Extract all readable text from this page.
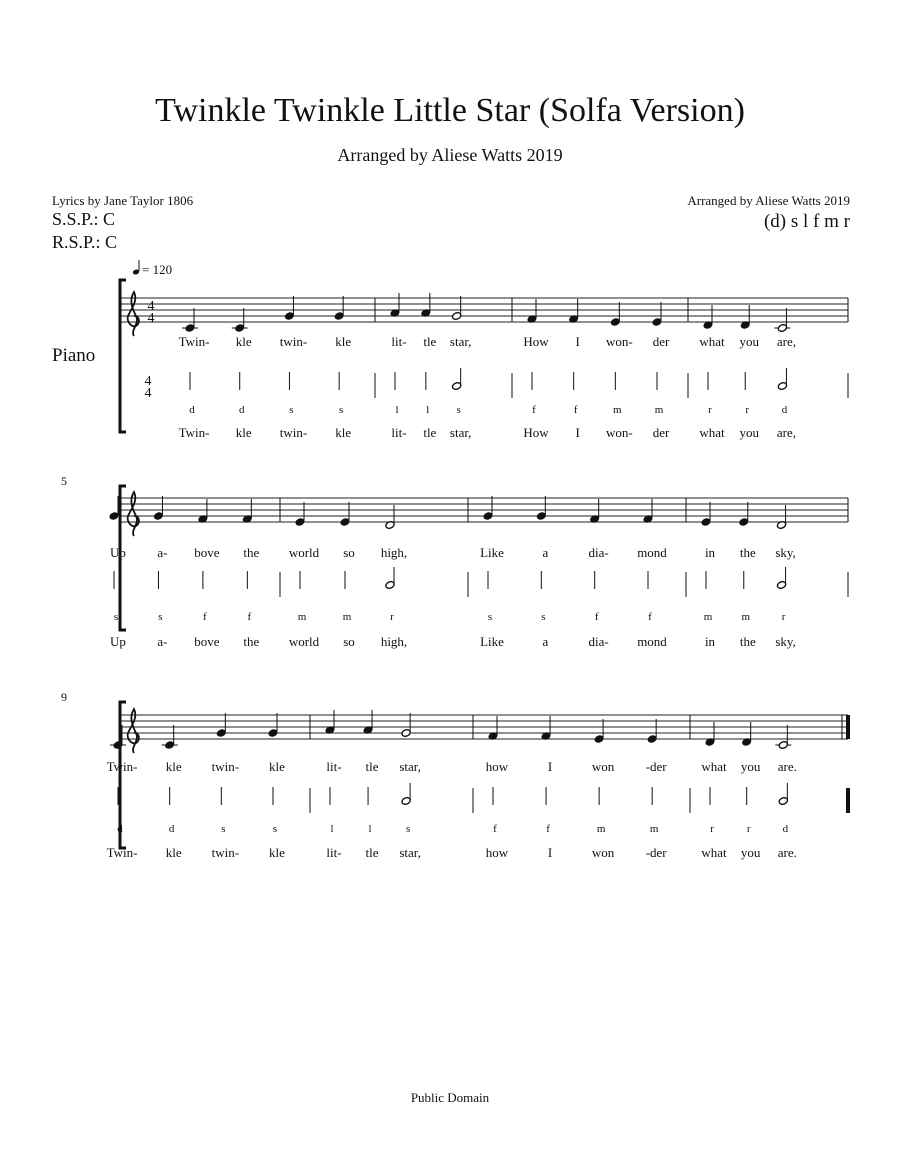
Twinkle Twinkle Little Star (Solfa Version)
Arranged by Aliese Watts 2019
Lyrics by Jane Taylor 1806	Arranged by Aliese Watts 2019
S.S.P.: C
R.S.P.: C
(d) s l f m r
= 120
Piano
4
4
4
4
Twin-
d
Twin-
kle
d
kle
twin-
s
twin-
kle
s
kle
lit-
l
lit-
tle
l
tle
star,
s
star,
How
f
How
I
f
I
won-
m
won-
der
m
der
what
r
what
you
r
you
are,
d
are,
5
Up
s
Up
a-
s
a-
bove
f
bove
the
f
the
world
m
world
so
m
so
high,
r
high,
Like
s
Like
a
s
a
dia-
f
dia-
mond
f
mond
in
m
in
the
m
the
sky,
r
sky,
9
Twin-
d
Twin-
kle
d
kle
twin-
s
twin-
kle
s
kle
lit-
l
lit-
tle
l
tle
star,
s
star,
how
f
how
I
f
I
won
m
won
-der
m
-der
what
r
what
you
r
you
are.
d
are.
Public Domain
